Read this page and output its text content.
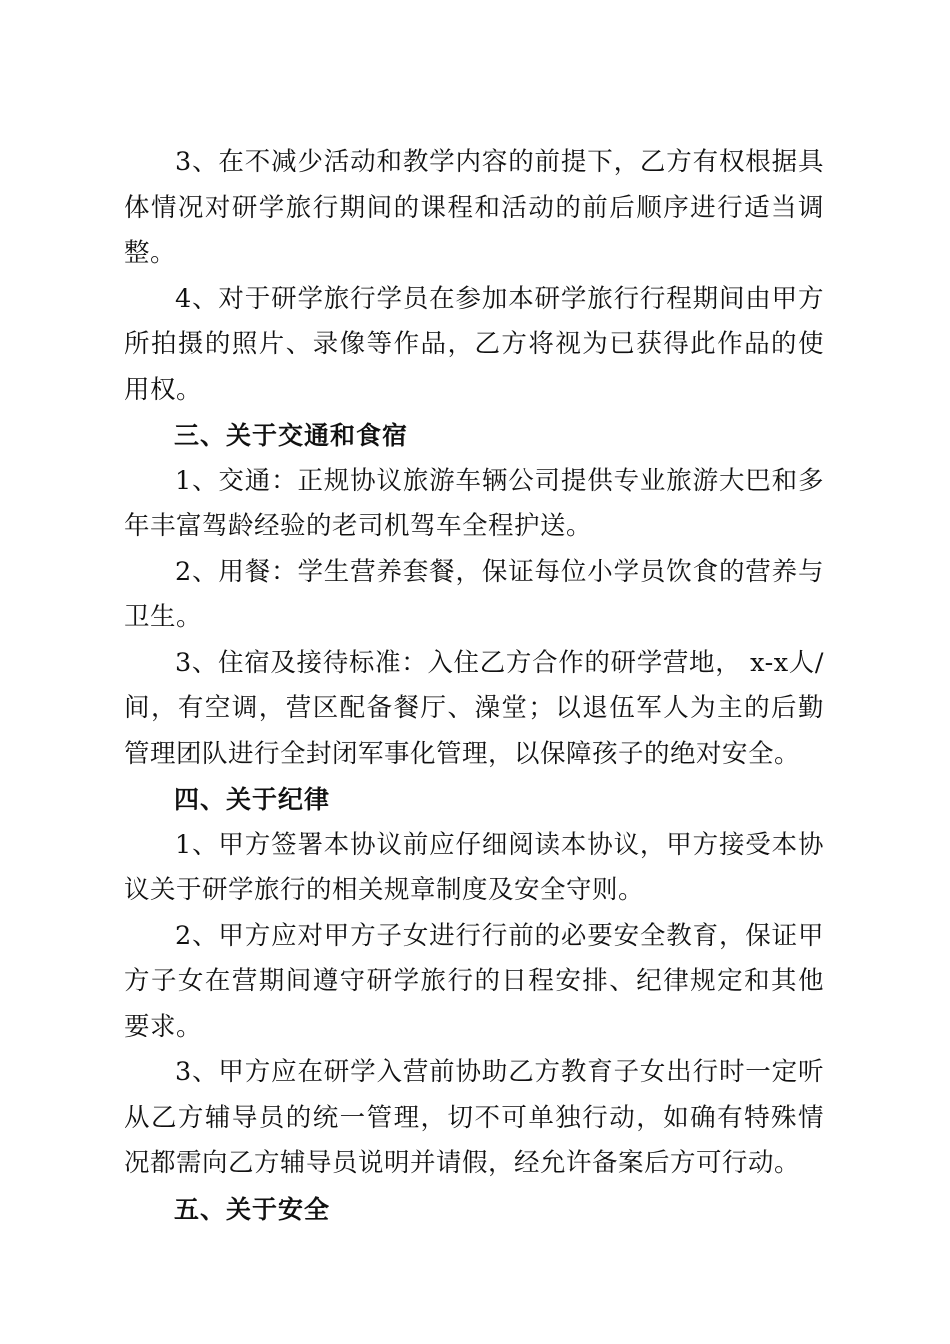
3、在不减少活动和教学内容的前提下，乙方有权根据具体情况对研学旅行期间的课程和活动的前后顺序进行适当调整。

4、对于研学旅行学员在参加本研学旅行行程期间由甲方所拍摄的照片、录像等作品，乙方将视为已获得此作品的使用权。

三、关于交通和食宿

1、交通：正规协议旅游车辆公司提供专业旅游大巴和多年丰富驾龄经验的老司机驾车全程护送。

2、用餐：学生营养套餐，保证每位小学员饮食的营养与卫生。

3、住宿及接待标准：入住乙方合作的研学营地， x-x人/间，有空调，营区配备餐厅、澡堂；以退伍军人为主的后勤管理团队进行全封闭军事化管理，以保障孩子的绝对安全。

四、关于纪律

1、甲方签署本协议前应仔细阅读本协议，甲方接受本协议关于研学旅行的相关规章制度及安全守则。

2、甲方应对甲方子女进行行前的必要安全教育，保证甲方子女在营期间遵守研学旅行的日程安排、纪律规定和其他要求。

3、甲方应在研学入营前协助乙方教育子女出行时一定听从乙方辅导员的统一管理，切不可单独行动，如确有特殊情况都需向乙方辅导员说明并请假，经允许备案后方可行动。

五、关于安全
